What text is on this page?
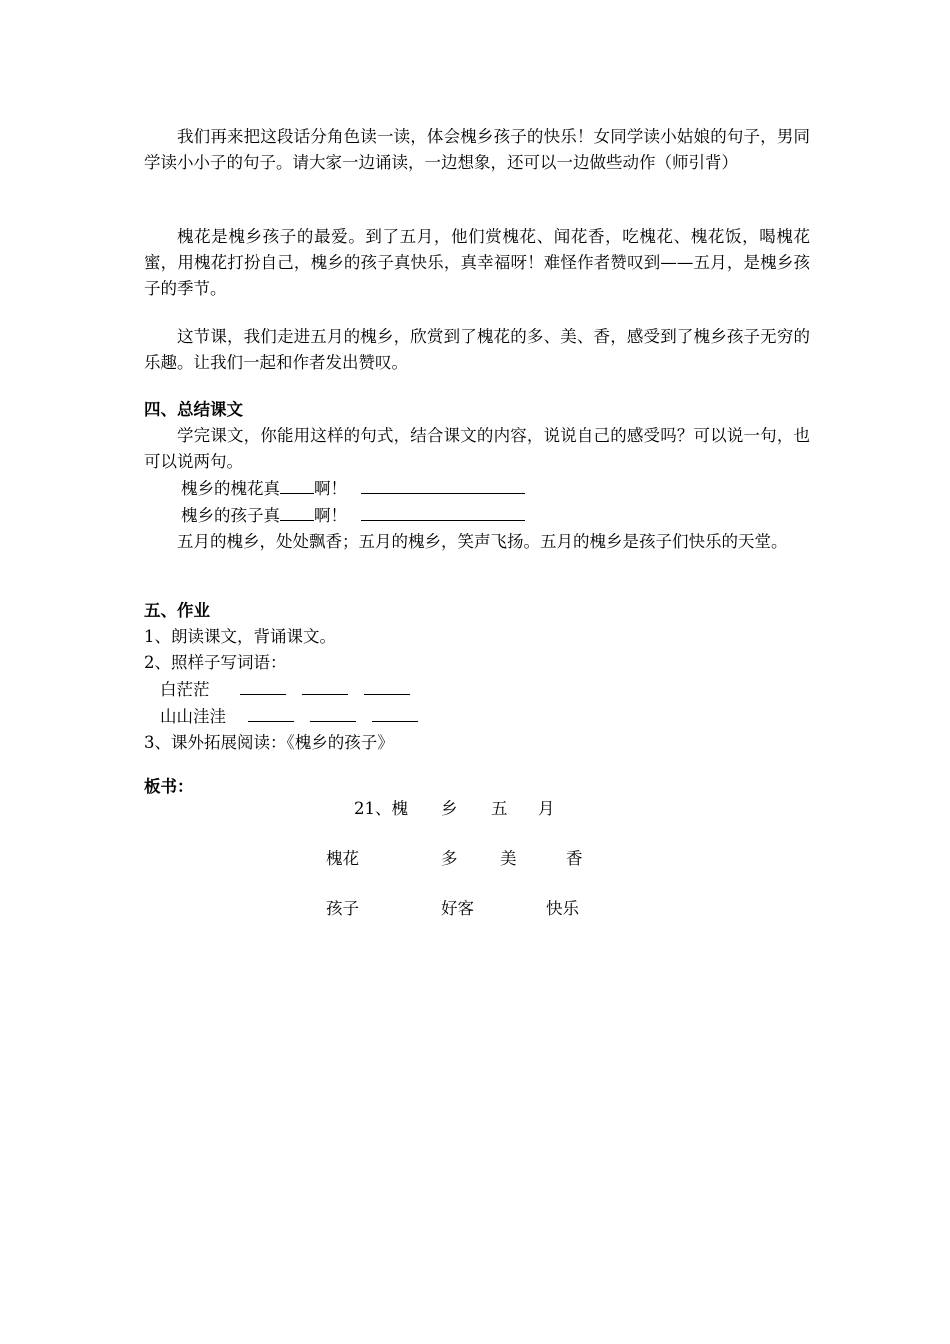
我们再来把这段话分角色读一读，体会槐乡孩子的快乐！女同学读小姑娘的句子，男同学读小小子的句子。请大家一边诵读，一边想象，还可以一边做些动作（师引背）

槐花是槐乡孩子的最爱。到了五月，他们赏槐花、闻花香，吃槐花、槐花饭，喝槐花蜜，用槐花打扮自己，槐乡的孩子真快乐，真幸福呀！难怪作者赞叹到——五月，是槐乡孩子的季节。

这节课，我们走进五月的槐乡，欣赏到了槐花的多、美、香，感受到了槐乡孩子无穷的乐趣。让我们一起和作者发出赞叹。

四、总结课文

学完课文，你能用这样的句式，结合课文的内容，说说自己的感受吗？可以说一句，也可以说两句。

槐乡的槐花真 啊！
槐乡的孩子真 啊！

五月的槐乡，处处飘香；五月的槐乡，笑声飞扬。五月的槐乡是孩子们快乐的天堂。

五、作业
1、朗读课文，背诵课文。
2、照样子写词语：
白茫茫
山山洼洼
3、课外拓展阅读：《槐乡的孩子》
板书：
21、槐 乡 五 月
槐花	多	美	香
孩子	好客	快乐
